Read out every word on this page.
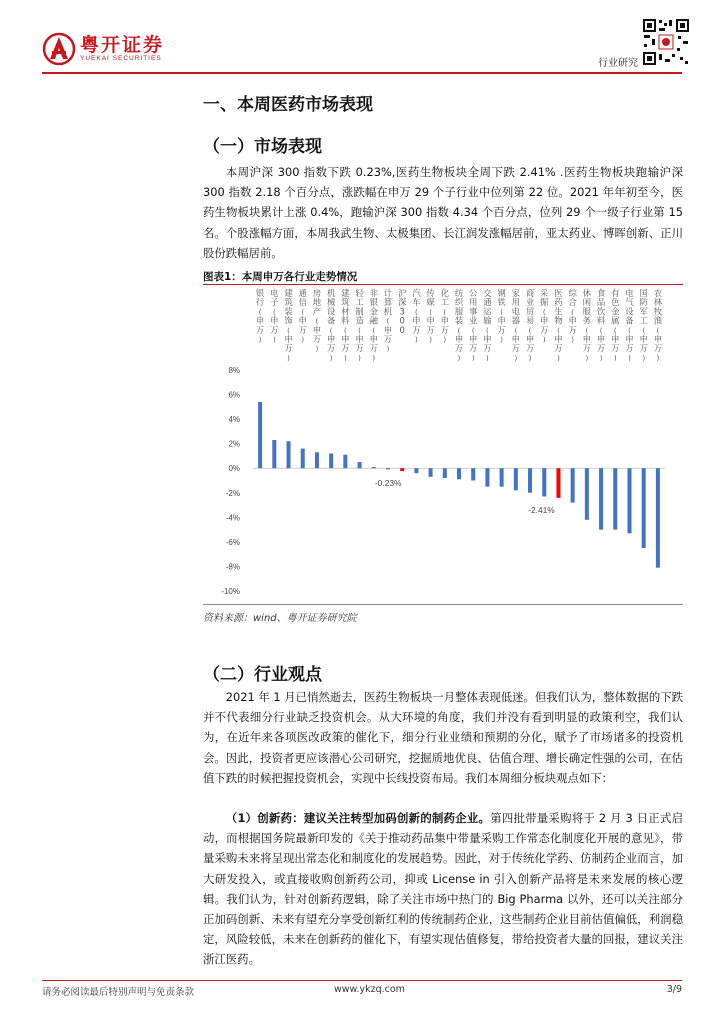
粤开证券
YUEKAI SECURITIES	行业研究
一、本周医药市场表现
（一）市场表现

本周沪深 300 指数下跌 0.23%,医药生物板块全周下跌 2.41% .医药生物板块跑输沪深 300 指数 2.18 个百分点，涨跌幅在申万 29 个子行业中位列第 22 位。2021 年年初至今，医药生物板块累计上涨 0.4%，跑输沪深 300 指数 4.34 个百分点，位列 29 个一级子行业第 15 名。个股涨幅方面，本周我武生物、太极集团、长江润发涨幅居前，亚太药业、博晖创新、正川股份跌幅居前。

图表1：本周申万各行业走势情况
8%
6%
4%
2%
0%
-2%
-4%
-6%
-8%
-10%
银
行
(
申
万
)
电
子
(
申
万
)
建
筑
装
饰
(
申
万
)
通
信
(
申
万
)
房
地
产
(
申
万
)
机
械
设
备
(
申
万
)
建
筑
材
料
(
申
万
)
轻
工
制
造
(
申
万
)
非
银
金
融
(
申
万
)
计
算
机
(
申
万
)
沪
深
3
0
0
汽
车
(
申
万
)
传
媒
(
申
万
)
化
工
(
申
万
)
纺
织
服
装
(
申
万
)
公
用
事
业
(
申
万
)
交
通
运
输
(
申
万
)
钢
铁
(
申
万
)
家
用
电
器
(
申
万
)
商
业
贸
易
(
申
万
)
采
掘
(
申
万
)
医
药
生
物
(
申
万
)
综
合
(
申
万
)
休
闲
服
务
(
申
万
)
食
品
饮
料
(
申
万
)
有
色
金
属
(
申
万
)
电
气
设
备
(
申
万
)
国
防
军
工
(
申
万
)
农
林
牧
渔
(
申
万
)
-0.23%
-2.41%
资料来源：wind、粤开证券研究院
（二）行业观点

2021 年 1 月已悄然逝去，医药生物板块一月整体表现低迷。但我们认为，整体数据的下跌并不代表细分行业缺乏投资机会。从大环境的角度，我们并没有看到明显的政策利空，我们认为，在近年来各项医改政策的催化下，细分行业业绩和预期的分化，赋予了市场诸多的投资机会。因此，投资者更应该潜心公司研究，挖掘质地优良、估值合理、增长确定性强的公司，在估值下跌的时候把握投资机会，实现中长线投资布局。我们本周细分板块观点如下：

（1）创新药：建议关注转型加码创新的制药企业。第四批带量采购将于 2 月 3 日正式启动，而根据国务院最新印发的《关于推动药品集中带量采购工作常态化制度化开展的意见》，带量采购未来将呈现出常态化和制度化的发展趋势。因此，对于传统化学药、仿制药企业而言，加大研发投入，或直接收购创新药公司，抑或 License in 引入创新产品将是未来发展的核心逻辑。我们认为，针对创新药逻辑，除了关注市场中热门的 Big Pharma 以外，还可以关注部分正加码创新、未来有望充分享受创新红利的传统制药企业，这些制药企业目前估值偏低，利润稳定，风险较低，未来在创新药的催化下，有望实现估值修复，带给投资者大量的回报，建议关注浙江医药。

请务必阅读最后特别声明与免责条款	www.ykzq.com	3/9
